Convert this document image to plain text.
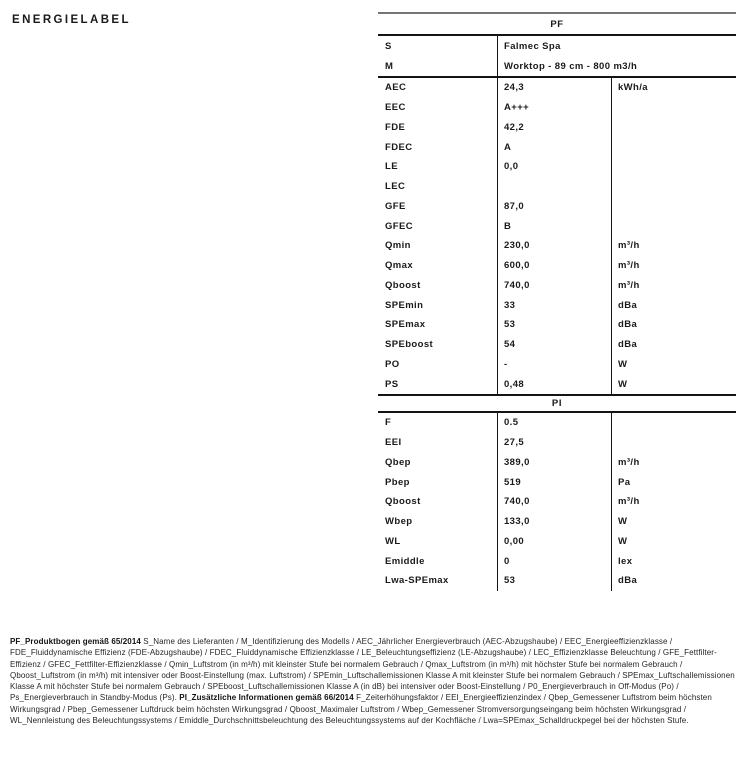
ENERGIELABEL	PF
S	Falmec Spa
M	Worktop - 89 cm - 800 m3/h
AEC	24,3	kWh/a
EEC	A+++
FDE	42,2
FDEC	A
LE	0,0
LEC
GFE	87,0
GFEC	B
Qmin	230,0	m³/h
Qmax	600,0	m³/h
Qboost	740,0	m³/h
SPEmin	33	dBa
SPEmax	53	dBa
SPEboost	54	dBa
PO	-	W
PS	0,48	W
PI
F	0.5
EEI	27,5
Qbep	389,0	m³/h
Pbep	519	Pa
Qboost	740,0	m³/h
Wbep	133,0	W
WL	0,00	W
Emiddle	0	lex
Lwa-SPEmax	53	dBa

PF_Produktbogen gemäß 65/2014 S_Name des Lieferanten / M_Identifizierung des Modells / AEC_Jährlicher Energieverbrauch (AEC-Abzugshaube) / EEC_Energieeffizienzklasse / FDE_Fluiddynamische Effizienz (FDE-Abzugshaube) / FDEC_Fluiddynamische Effizienzklasse / LE_Beleuchtungseffizienz (LE-Abzugshaube) / LEC_Effizienzklasse Beleuchtung / GFE_Fettfilter-Effizienz / GFEC_Fettfilter-Effizienzklasse / Qmin_Luftstrom (in m³/h) mit kleinster Stufe bei normalem Gebrauch / Qmax_Luftstrom (in m³/h) mit höchster Stufe bei normalem Gebrauch / Qboost_Luftstrom (in m³/h) mit intensiver oder Boost-Einstellung (max. Luftstrom) / SPEmin_Luftschallemissionen Klasse A mit kleinster Stufe bei normalem Gebrauch / SPEmax_Luftschallemissionen Klasse A mit höchster Stufe bei normalem Gebrauch / SPEboost_Luftschallemissionen Klasse A (in dB) bei intensiver oder Boost-Einstellung / P0_Energieverbrauch in Off-Modus (Po) / Ps_Energieverbrauch in Standby-Modus (Ps). PI_Zusätzliche Informationen gemäß 66/2014 F_Zeiterhöhungsfaktor / EEI_Energieeffizienzindex / Qbep_Gemessener Luftstrom beim höchsten Wirkungsgrad / Pbep_Gemessener Luftdruck beim höchsten Wirkungsgrad / Qboost_Maximaler Luftstrom / Wbep_Gemessener Stromversorgungseingang beim höchsten Wirkungsgrad / WL_Nennleistung des Beleuchtungssystems / Emiddle_Durchschnittsbeleuchtung des Beleuchtungssystems auf der Kochfläche / Lwa=SPEmax_Schalldruckpegel bei der höchsten Stufe.
